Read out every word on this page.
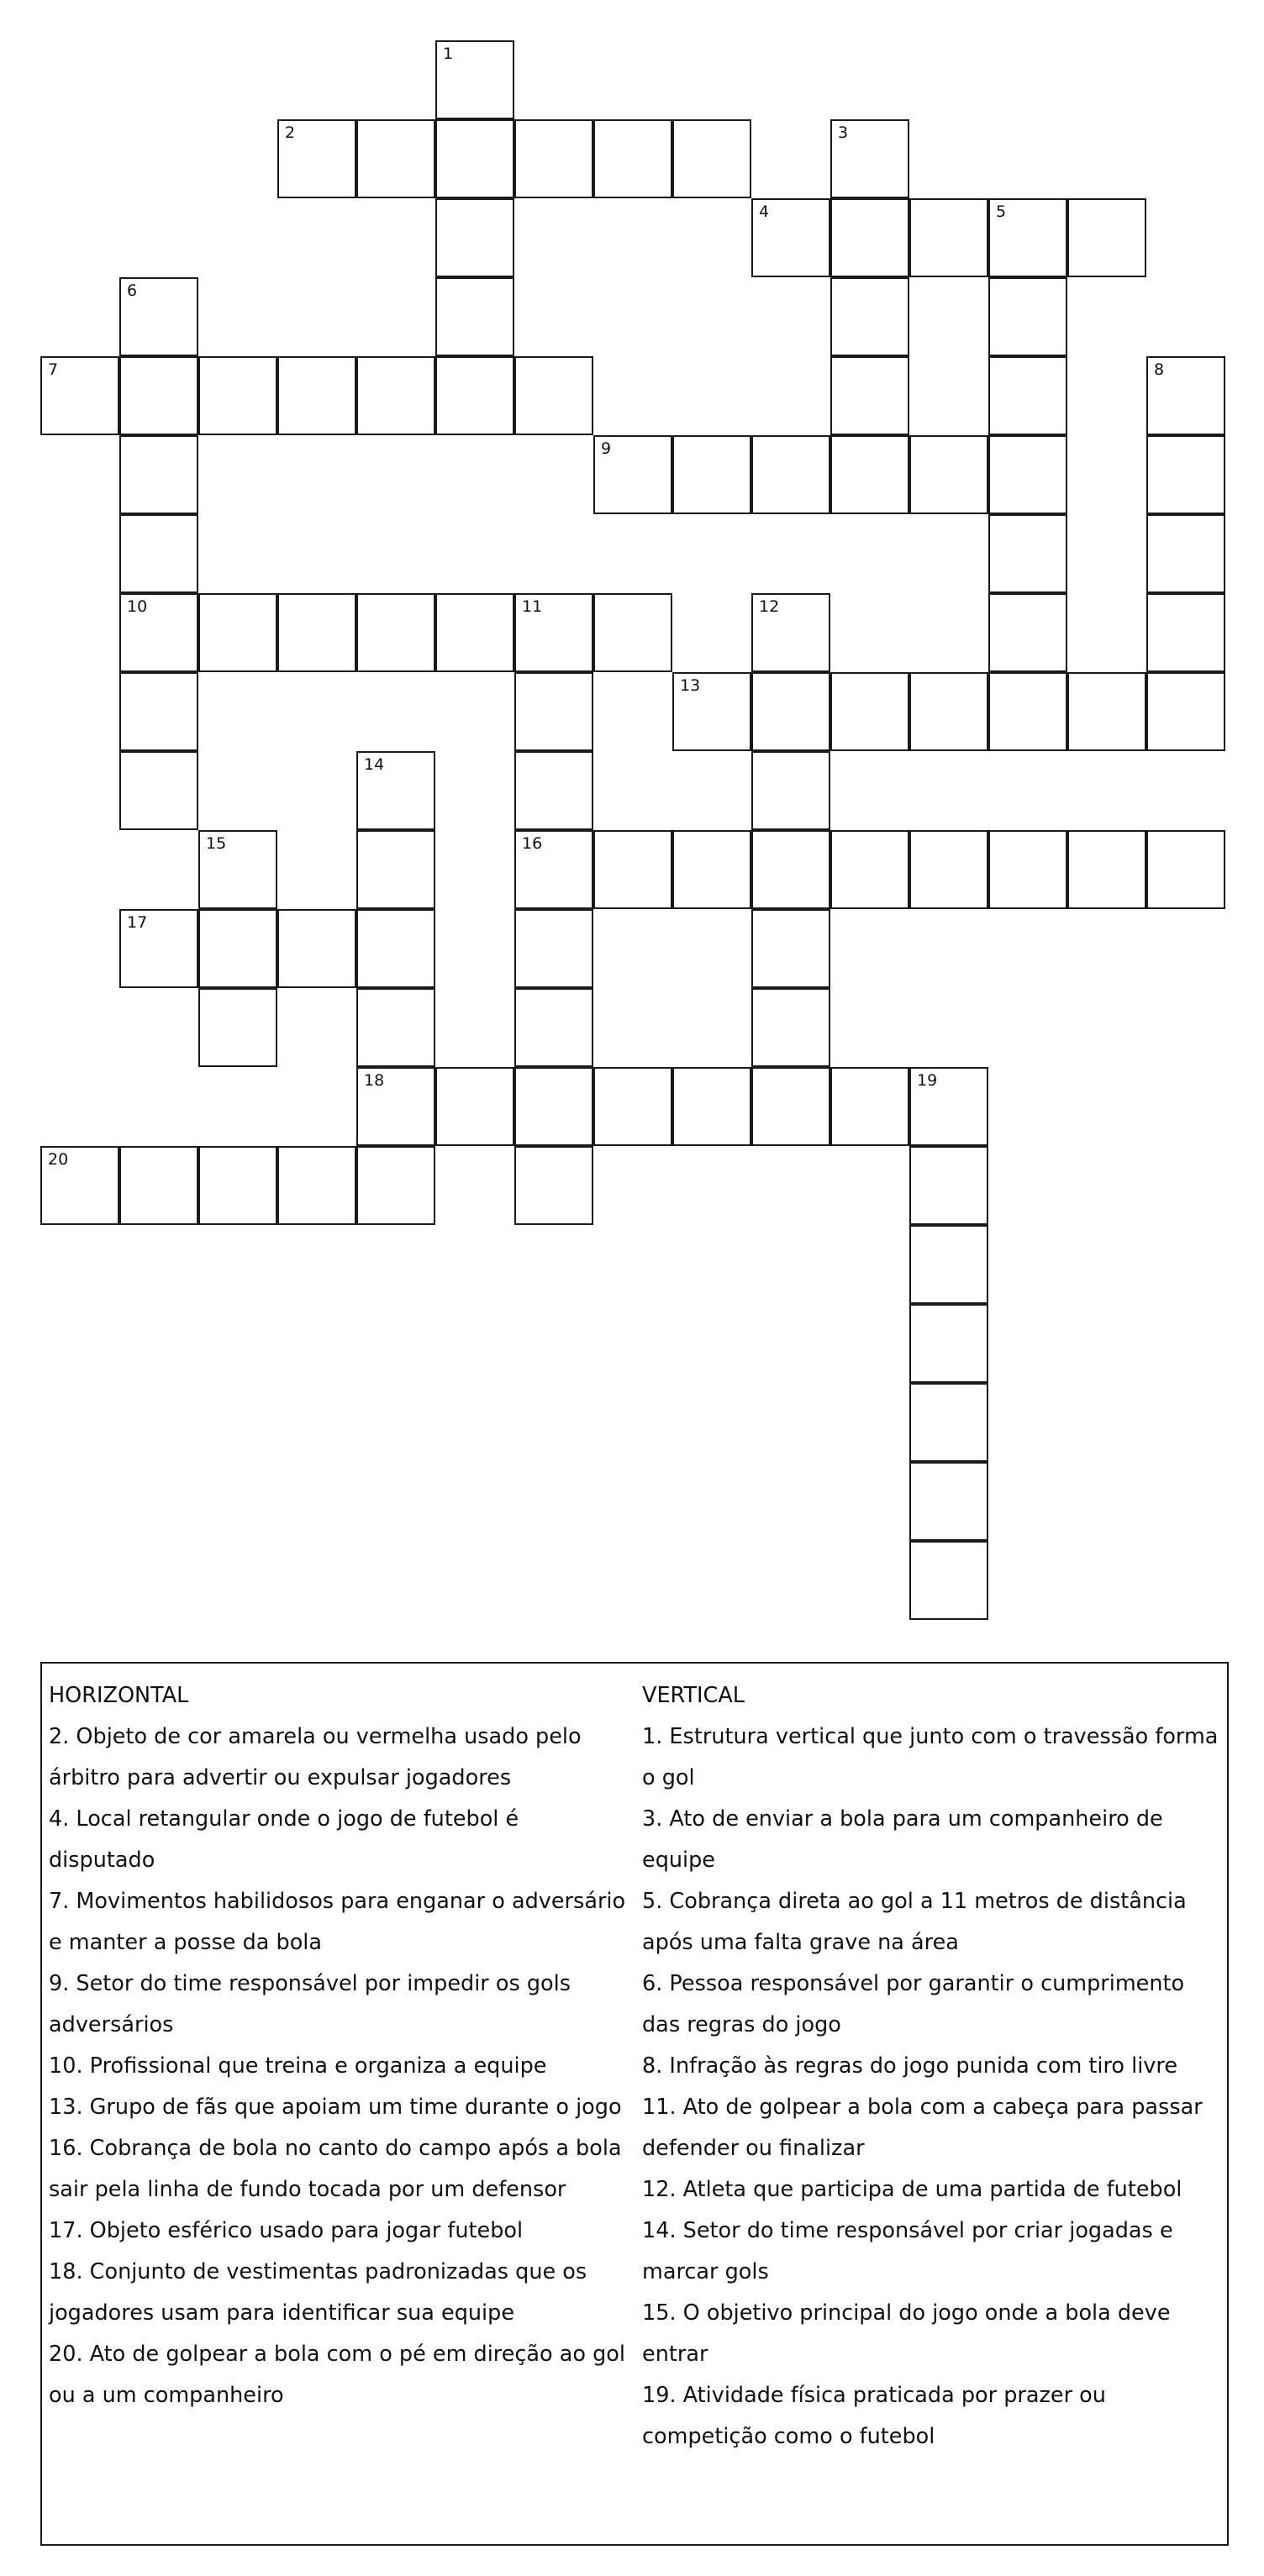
1
2	3
4	5
6
7	8
9
10	11	12
13
14
15	16
17
18	19
20

HORIZONTAL

2. Objeto de cor amarela ou vermelha usado pelo árbitro para advertir ou expulsar jogadores

4. Local retangular onde o jogo de futebol é disputado

7. Movimentos habilidosos para enganar o adversário e manter a posse da bola

9. Setor do time responsável por impedir os gols adversários

10. Profissional que treina e organiza a equipe

13. Grupo de fãs que apoiam um time durante o jogo

16. Cobrança de bola no canto do campo após a bola sair pela linha de fundo tocada por um defensor

17. Objeto esférico usado para jogar futebol

18. Conjunto de vestimentas padronizadas que os jogadores usam para identificar sua equipe

20. Ato de golpear a bola com o pé em direção ao gol ou a um companheiro

VERTICAL

1. Estrutura vertical que junto com o travessão forma o gol

3. Ato de enviar a bola para um companheiro de equipe

5. Cobrança direta ao gol a 11 metros de distância após uma falta grave na área

6. Pessoa responsável por garantir o cumprimento das regras do jogo

8. Infração às regras do jogo punida com tiro livre

11. Ato de golpear a bola com a cabeça para passar defender ou finalizar

12. Atleta que participa de uma partida de futebol

14. Setor do time responsável por criar jogadas e marcar gols

15. O objetivo principal do jogo onde a bola deve entrar

19. Atividade física praticada por prazer ou competição como o futebol
